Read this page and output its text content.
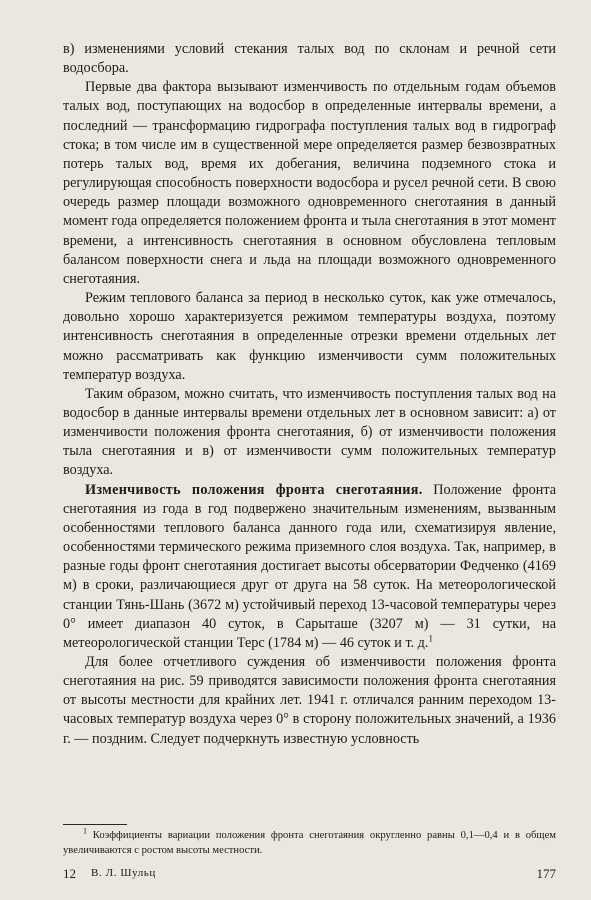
в) изменениями условий стекания талых вод по склонам и речной сети водосбора.

Первые два фактора вызывают изменчивость по отдельным годам объемов талых вод, поступающих на водосбор в определенные интервалы времени, а последний — трансформацию гидрографа поступления талых вод в гидрограф стока; в том числе им в существенной мере определяется размер безвозвратных потерь талых вод, время их добегания, величина подземного стока и регулирующая способность поверхности водосбора и русел речной сети. В свою очередь размер площади возможного одновременного снеготаяния в данный момент года определяется положением фронта и тыла снеготаяния в этот момент времени, а интенсивность снеготаяния в основном обусловлена тепловым балансом поверхности снега и льда на площади возможного одновременного снеготаяния.

Режим теплового баланса за период в несколько суток, как уже отмечалось, довольно хорошо характеризуется режимом температуры воздуха, поэтому интенсивность снеготаяния в определенные отрезки времени отдельных лет можно рассматривать как функцию изменчивости сумм положительных температур воздуха.

Таким образом, можно считать, что изменчивость поступления талых вод на водосбор в данные интервалы времени отдельных лет в основном зависит: а) от изменчивости положения фронта снеготаяния, б) от изменчивости положения тыла снеготаяния и в) от изменчивости сумм положительных температур воздуха.

Изменчивость положения фронта снеготаяния. Положение фронта снеготаяния из года в год подвержено значительным изменениям, вызванным особенностями теплового баланса данного года или, схематизируя явление, особенностями термического режима приземного слоя воздуха. Так, например, в разные годы фронт снеготаяния достигает высоты обсерватории Федченко (4169 м) в сроки, различающиеся друг от друга на 58 суток. На метеорологической станции Тянь-Шань (3672 м) устойчивый переход 13-часовой температуры через 0° имеет диапазон 40 суток, в Сарыташе (3207 м) — 31 сутки, на метеорологической станции Терс (1784 м) — 46 суток и т. д.$^1$

Для более отчетливого суждения об изменчивости положения фронта снеготаяния на рис. 59 приводятся зависимости положения фронта снеготаяния от высоты местности для крайних лет. 1941 г. отличался ранним переходом 13-часовых температур воздуха через 0° в сторону положительных значений, а 1936 г. — поздним. Следует подчеркнуть известную условность

$^1$ Коэффициенты вариации положения фронта снеготаяния округленно равны 0,1—0,4 и в общем увеличиваются с ростом высоты местности.

12 В. Л. Шульц	177
